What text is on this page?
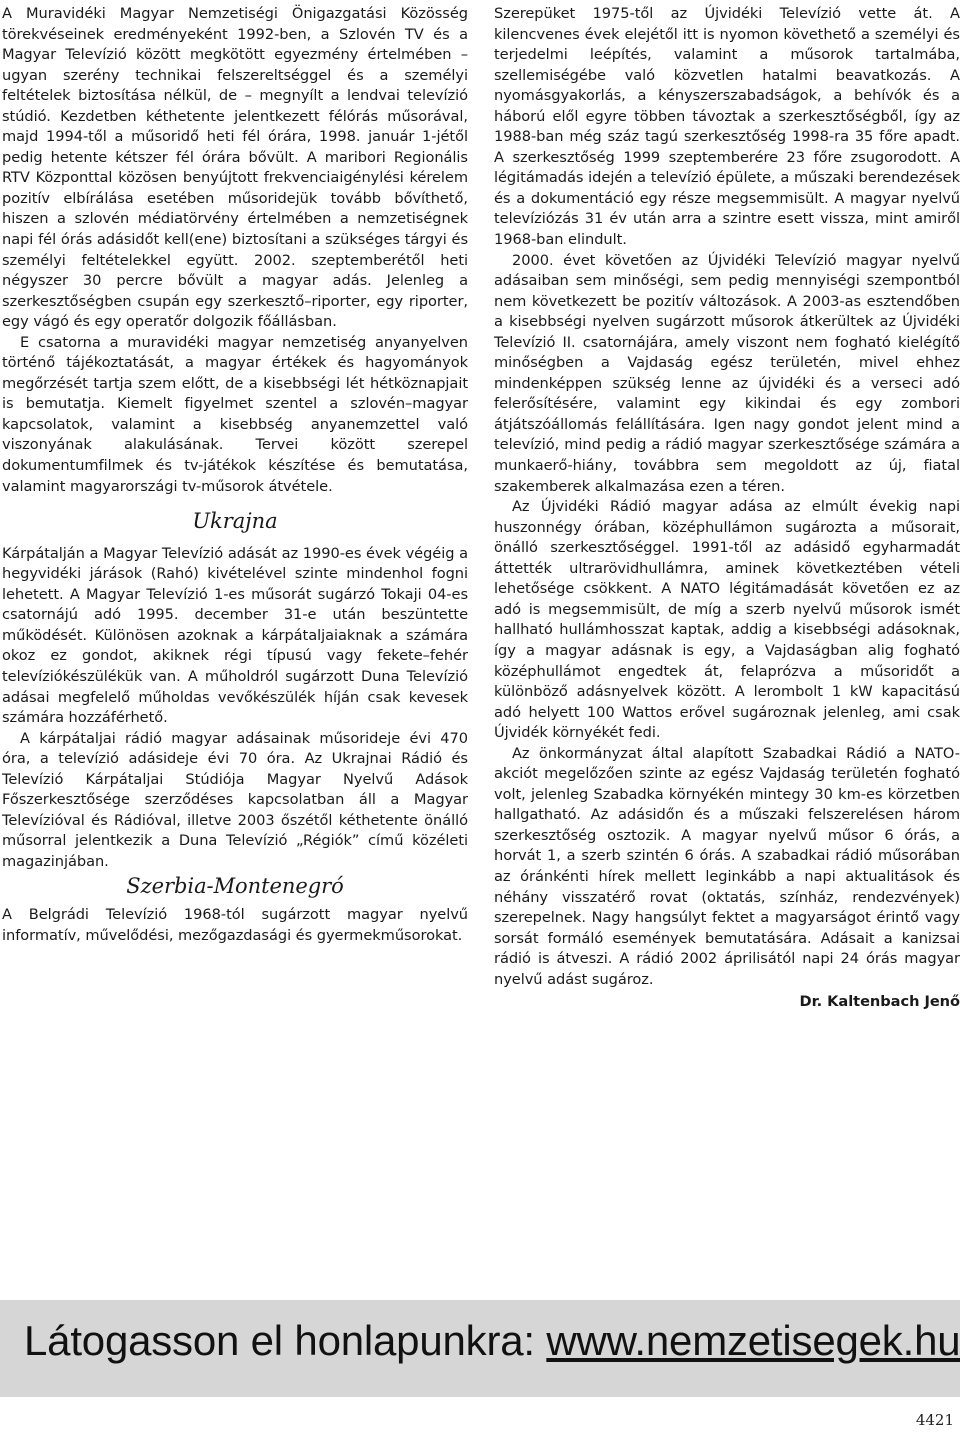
A Muravidéki Magyar Nemzetiségi Önigazgatási Közösség törekvéseinek eredményeként 1992-ben, a Szlovén TV és a Magyar Televízió között megkötött egyezmény értelmében – ugyan szerény technikai felszereltséggel és a személyi feltételek biztosítása nélkül, de – megnyílt a lendvai televízió stúdió. Kezdetben kéthetente jelentkezett félórás műsorával, majd 1994-től a műsoridő heti fél órára, 1998. január 1-jétől pedig hetente kétszer fél órára bővült. A maribori Regionális RTV Központtal közösen benyújtott frekvenciaigénylési kérelem pozitív elbírálása esetében műsoridejük tovább bővíthető, hiszen a szlovén médiatörvény értelmében a nemzetiségnek napi fél órás adásidőt kell(ene) biztosítani a szükséges tárgyi és személyi feltételekkel együtt. 2002. szeptemberétől heti négyszer 30 percre bővült a magyar adás. Jelenleg a szerkesztőségben csupán egy szerkesztő–riporter, egy riporter, egy vágó és egy operatőr dolgozik főállásban.

E csatorna a muravidéki magyar nemzetiség anyanyelven történő tájékoztatását, a magyar értékek és hagyományok megőrzését tartja szem előtt, de a kisebbségi lét hétköznapjait is bemutatja. Kiemelt figyelmet szentel a szlovén–magyar kapcsolatok, valamint a kisebbség anyanemzettel való viszonyának alakulásának. Tervei között szerepel dokumentumfilmek és tv-játékok készítése és bemutatása, valamint magyarországi tv-műsorok átvétele.

Ukrajna

Kárpátalján a Magyar Televízió adását az 1990-es évek végéig a hegyvidéki járások (Rahó) kivételével szinte mindenhol fogni lehetett. A Magyar Televízió 1-es műsorát sugárzó Tokaji 04-es csatornájú adó 1995. december 31-e után beszüntette működését. Különösen azoknak a kárpátaljaiaknak a számára okoz ez gondot, akiknek régi típusú vagy fekete–fehér televíziókészülékük van. A műholdról sugárzott Duna Televízió adásai megfelelő műholdas vevőkészülék híján csak kevesek számára hozzáférhető.

A kárpátaljai rádió magyar adásainak műsorideje évi 470 óra, a televízió adásideje évi 70 óra. Az Ukrajnai Rádió és Televízió Kárpátaljai Stúdiója Magyar Nyelvű Adások Főszerkesztősége szerződéses kapcsolatban áll a Magyar Televízióval és Rádióval, illetve 2003 őszétől kéthetente önálló műsorral jelentkezik a Duna Televízió „Régiók” című közéleti magazinjában.

Szerbia-Montenegró

A Belgrádi Televízió 1968-tól sugárzott magyar nyelvű informatív, művelődési, mezőgazdasági és gyermekműsorokat.

Szerepüket 1975-től az Újvidéki Televízió vette át. A kilencvenes évek elejétől itt is nyomon követhető a személyi és terjedelmi leépítés, valamint a műsorok tartalmába, szellemiségébe való közvetlen hatalmi beavatkozás. A nyomásgyakorlás, a kényszerszabadságok, a behívók és a háború elől egyre többen távoztak a szerkesztőségből, így az 1988-ban még száz tagú szerkesztőség 1998-ra 35 főre apadt. A szerkesztőség 1999 szeptemberére 23 főre zsugorodott. A légitámadás idején a televízió épülete, a műszaki berendezések és a dokumentáció egy része megsemmisült. A magyar nyelvű televíziózás 31 év után arra a szintre esett vissza, mint amiről 1968-ban elindult.

2000. évet követően az Újvidéki Televízió magyar nyelvű adásaiban sem minőségi, sem pedig mennyiségi szempontból nem következett be pozitív változások. A 2003-as esztendőben a kisebbségi nyelven sugárzott műsorok átkerültek az Újvidéki Televízió II. csatornájára, amely viszont nem fogható kielégítő minőségben a Vajdaság egész területén, mivel ehhez mindenképpen szükség lenne az újvidéki és a verseci adó felerősítésére, valamint egy kikindai és egy zombori átjátszóállomás felállítására. Igen nagy gondot jelent mind a televízió, mind pedig a rádió magyar szerkesztősége számára a munkaerő-hiány, továbbra sem megoldott az új, fiatal szakemberek alkalmazása ezen a téren.

Az Újvidéki Rádió magyar adása az elmúlt évekig napi huszonnégy órában, középhullámon sugározta a műsorait, önálló szerkesztőséggel. 1991-től az adásidő egyharmadát áttették ultrarövidhullámra, aminek következtében vételi lehetősége csökkent. A NATO légitámadását követően ez az adó is megsemmisült, de míg a szerb nyelvű műsorok ismét hallható hullámhosszat kaptak, addig a kisebbségi adásoknak, így a magyar adásnak is egy, a Vajdaságban alig fogható középhullámot engedtek át, felaprózva a műsoridőt a különböző adásnyelvek között. A lerombolt 1 kW kapacitású adó helyett 100 Wattos erővel sugároznak jelenleg, ami csak Újvidék környékét fedi.

Az önkormányzat által alapított Szabadkai Rádió a NATO-akciót megelőzően szinte az egész Vajdaság területén fogható volt, jelenleg Szabadka környékén mintegy 30 km-es körzetben hallgatható. Az adásidőn és a műszaki felszerelésen három szerkesztőség osztozik. A magyar nyelvű műsor 6 órás, a horvát 1, a szerb szintén 6 órás. A szabadkai rádió műsorában az óránkénti hírek mellett leginkább a napi aktualitások és néhány visszatérő rovat (oktatás, színház, rendezvények) szerepelnek. Nagy hangsúlyt fektet a magyarságot érintő vagy sorsát formáló események bemutatására. Adásait a kanizsai rádió is átveszi. A rádió 2002 áprilisától napi 24 órás magyar nyelvű adást sugároz.

Dr. Kaltenbach Jenő
Látogasson el honlapunkra: www.nemzetisegek.hu
4421
